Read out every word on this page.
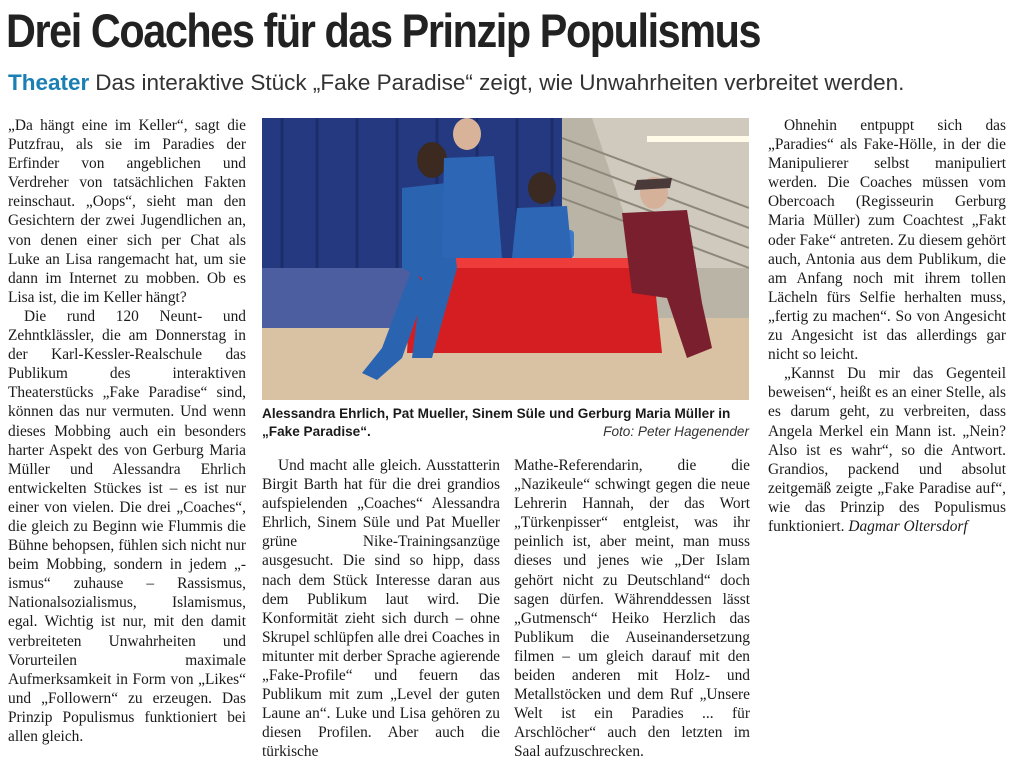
Drei Coaches für das Prinzip Populismus
Theater Das interaktive Stück „Fake Paradise“ zeigt, wie Unwahrheiten verbreitet werden.

„Da hängt eine im Keller“, sagt die Putzfrau, als sie im Paradies der Erfinder von angeblichen und Verdreher von tatsächlichen Fakten reinschaut. „Oops“, sieht man den Gesichtern der zwei Jugendlichen an, von denen einer sich per Chat als Luke an Lisa rangemacht hat, um sie dann im Internet zu mobben. Ob es Lisa ist, die im Keller hängt?

Die rund 120 Neunt- und Zehntklässler, die am Donnerstag in der Karl-Kessler-Realschule das Publikum des interaktiven Theaterstücks „Fake Paradise“ sind, können das nur vermuten. Und wenn dieses Mobbing auch ein besonders harter Aspekt des von Gerburg Maria Müller und Alessandra Ehrlich entwickelten Stückes ist – es ist nur einer von vielen. Die drei „Coaches“, die gleich zu Beginn wie Flummis die Bühne behopsen, fühlen sich nicht nur beim Mobbing, sondern in jedem „-ismus“ zuhause – Rassismus, Nationalsozialismus, Islamismus, egal. Wichtig ist nur, mit den damit verbreiteten Unwahrheiten und Vorurteilen maximale Aufmerksamkeit in Form von „Likes“ und „Followern“ zu erzeugen. Das Prinzip Populismus funktioniert bei allen gleich.

Alessandra Ehrlich, Pat Mueller, Sinem Süle und Gerburg Maria Müller in „Fake Paradise“.	Foto: Peter Hagenender

Und macht alle gleich. Ausstatterin Birgit Barth hat für die drei grandios aufspielenden „Coaches“ Alessandra Ehrlich, Sinem Süle und Pat Mueller grüne Nike-Trainingsanzüge ausgesucht. Die sind so hipp, dass nach dem Stück Interesse daran aus dem Publikum laut wird. Die Konformität zieht sich durch – ohne Skrupel schlüpfen alle drei Coaches in mitunter mit derber Sprache agierende „Fake-Profile“ und feuern das Publikum mit zum „Level der guten Laune an“. Luke und Lisa gehören zu diesen Profilen. Aber auch die türkische

Mathe-Referendarin, die die „Nazikeule“ schwingt gegen die neue Lehrerin Hannah, der das Wort „Türkenpisser“ entgleist, was ihr peinlich ist, aber meint, man muss dieses und jenes wie „Der Islam gehört nicht zu Deutschland“ doch sagen dürfen. Währenddessen lässt „Gutmensch“ Heiko Herzlich das Publikum die Auseinandersetzung filmen – um gleich darauf mit den beiden anderen mit Holz- und Metallstöcken und dem Ruf „Unsere Welt ist ein Paradies ... für Arschlöcher“ auch den letzten im Saal aufzuschrecken.

Ohnehin entpuppt sich das „Paradies“ als Fake-Hölle, in der die Manipulierer selbst manipuliert werden. Die Coaches müssen vom Obercoach (Regisseurin Gerburg Maria Müller) zum Coachtest „Fakt oder Fake“ antreten. Zu diesem gehört auch, Antonia aus dem Publikum, die am Anfang noch mit ihrem tollen Lächeln fürs Selfie herhalten muss, „fertig zu machen“. So von Angesicht zu Angesicht ist das allerdings gar nicht so leicht.

„Kannst Du mir das Gegenteil beweisen“, heißt es an einer Stelle, als es darum geht, zu verbreiten, dass Angela Merkel ein Mann ist. „Nein? Also ist es wahr“, so die Antwort. Grandios, packend und absolut zeitgemäß zeigte „Fake Paradise auf“, wie das Prinzip des Populismus funktioniert. Dagmar Oltersdorf
